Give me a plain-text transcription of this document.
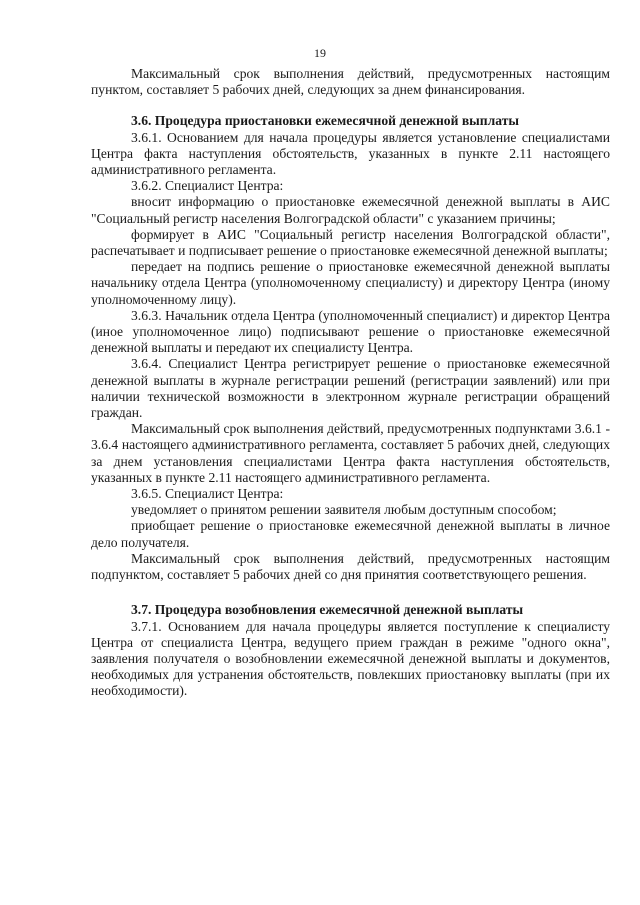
19

Максимальный срок выполнения действий, предусмотренных настоящим пунктом, составляет 5 рабочих дней, следующих за днем финансирования.

3.6. Процедура приостановки ежемесячной денежной выплаты

3.6.1. Основанием для начала процедуры является установление специалистами Центра факта наступления обстоятельств, указанных в пункте 2.11 настоящего административного регламента.

3.6.2. Специалист Центра:

вносит информацию о приостановке ежемесячной денежной выплаты в АИС "Социальный регистр населения Волгоградской области" с указанием причины;

формирует в АИС "Социальный регистр населения Волгоградской области", распечатывает и подписывает решение о приостановке ежемесячной денежной выплаты;

передает на подпись решение о приостановке ежемесячной денежной выплаты начальнику отдела Центра (уполномоченному специалисту) и директору Центра (иному уполномоченному лицу).

3.6.3. Начальник отдела Центра (уполномоченный специалист) и директор Центра (иное уполномоченное лицо) подписывают решение о приостановке ежемесячной денежной выплаты и передают их специалисту Центра.

3.6.4. Специалист Центра регистрирует решение о приостановке ежемесячной денежной выплаты в журнале регистрации решений (регистрации заявлений) или при наличии технической возможности в электронном журнале регистрации обращений граждан.

Максимальный срок выполнения действий, предусмотренных подпунктами 3.6.1 - 3.6.4 настоящего административного регламента, составляет 5 рабочих дней, следующих за днем установления специалистами Центра факта наступления обстоятельств, указанных в пункте 2.11 настоящего административного регламента.

3.6.5. Специалист Центра:

уведомляет о принятом решении заявителя любым доступным способом;

приобщает решение о приостановке ежемесячной денежной выплаты в личное дело получателя.

Максимальный срок выполнения действий, предусмотренных настоящим подпунктом, составляет 5 рабочих дней со дня принятия соответствующего решения.

3.7. Процедура возобновления ежемесячной денежной выплаты

3.7.1. Основанием для начала процедуры является поступление к специалисту Центра от специалиста Центра, ведущего прием граждан в режиме "одного окна", заявления получателя о возобновлении ежемесячной денежной выплаты и документов, необходимых для устранения обстоятельств, повлекших приостановку выплаты (при их необходимости).
